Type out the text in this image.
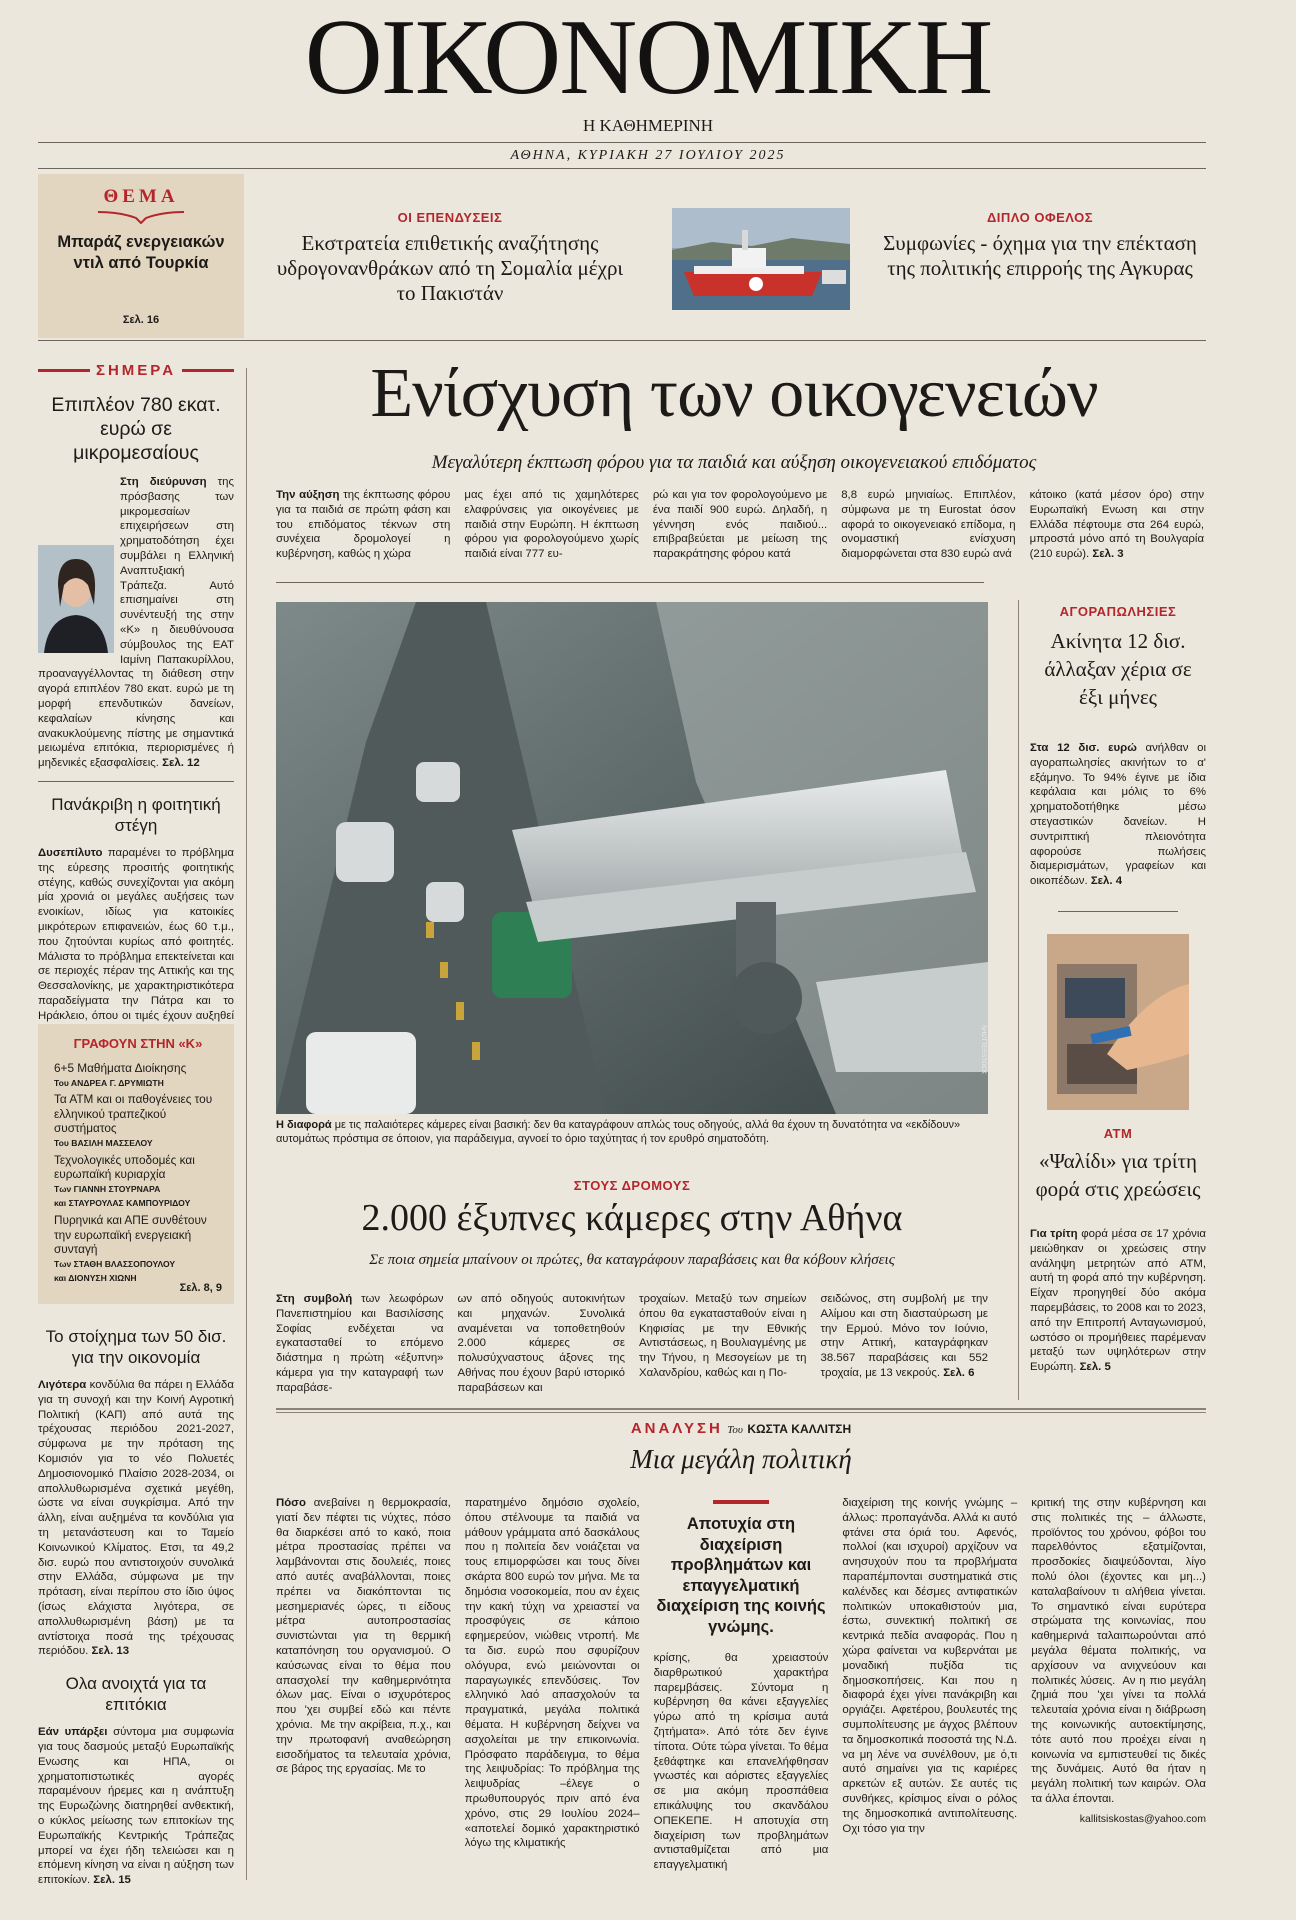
ΟΙΚΟΝΟΜΙΚΗ
Η ΚΑΘΗΜΕΡΙΝΗ
ΑΘΗΝΑ, ΚΥΡΙΑΚΗ 27 ΙΟΥΛΙΟΥ 2025
ΘΕΜΑ
Μπαράζ ενεργειακών ντιλ από Τουρκία
Σελ. 16
ΟΙ ΕΠΕΝΔΥΣΕΙΣ
Εκστρατεία επιθετικής αναζήτησης υδρογονανθράκων από τη Σομαλία μέχρι το Πακιστάν
ΔΙΠΛΟ ΟΦΕΛΟΣ
Συμφωνίες - όχημα για την επέκταση της πολιτικής επιρροής της Αγκυρας
ΣΗΜΕΡΑ
Επιπλέον 780 εκατ. ευρώ σε μικρομεσαίους

Στη διεύρυνση της πρόσβασης των μικρομεσαίων επιχειρήσεων στη χρηματοδότηση έχει συμβάλει η Ελληνική Αναπτυξιακή Τράπεζα. Αυτό επισημαίνει στη συνέντευξή της στην «Κ» η διευθύνουσα σύμβουλος της ΕΑΤ Ιαμίνη Παπακυρίλλου, προαναγγέλλοντας τη διάθεση στην αγορά επιπλέον 780 εκατ. ευρώ με τη μορφή επενδυτικών δανείων, κεφαλαίων κίνησης και ανακυκλούμενης πίστης με σημαντικά μειωμένα επιτόκια, περιορισμένες ή μηδενικές εξασφαλίσεις. Σελ. 12

Πανάκριβη η φοιτητική στέγη

Δυσεπίλυτο παραμένει το πρόβλημα της εύρεσης προσιτής φοιτητικής στέγης, καθώς συνεχίζονται για ακόμη μία χρονιά οι μεγάλες αυξήσεις των ενοικίων, ιδίως για κατοικίες μικρότερων επιφανειών, έως 60 τ.μ., που ζητούνται κυρίως από φοιτητές. Μάλιστα το πρόβλημα επεκτείνεται και σε περιοχές πέραν της Αττικής και της Θεσσαλονίκης, με χαρακτηριστικότερα παραδείγματα την Πάτρα και το Ηράκλειο, όπου οι τιμές έχουν αυξηθεί

ΓΡΑΦΟΥΝ ΣΤΗΝ «Κ»
6+5 Μαθήματα Διοίκησης
Του ΑΝΔΡΕΑ Γ. ΔΡΥΜΙΩΤΗ
Τα ΑΤΜ και οι παθογένειες του ελληνικού τραπεζικού συστήματος
Του ΒΑΣΙΛΗ ΜΑΣΣΕΛΟΥ
Τεχνολογικές υποδομές και ευρωπαϊκή κυριαρχία
Των ΓΙΑΝΝΗ ΣΤΟΥΡΝΑΡΑ
και ΣΤΑΥΡΟΥΛΑΣ ΚΑΜΠΟΥΡΙΔΟΥ
Πυρηνικά και ΑΠΕ συνθέτουν την ευρωπαϊκή ενεργειακή συνταγή
Των ΣΤΑΘΗ ΒΛΑΣΣΟΠΟΥΛΟΥ
και ΔΙΟΝΥΣΗ ΧΙΩΝΗ
Σελ. 8, 9
Το στοίχημα των 50 δισ. για την οικονομία

Λιγότερα κονδύλια θα πάρει η Ελλάδα για τη συνοχή και την Κοινή Αγροτική Πολιτική (ΚΑΠ) από αυτά της τρέχουσας περιόδου 2021-2027, σύμφωνα με την πρόταση της Κομισιόν για το νέο Πολυετές Δημοσιονομικό Πλαίσιο 2028-2034, οι απολλυθωρισμένα σχετικά μεγέθη, ώστε να είναι συγκρίσιμα. Από την άλλη, είναι αυξημένα τα κονδύλια για τη μετανάστευση και το Ταμείο Κοινωνικού Κλίματος. Ετσι, τα 49,2 δισ. ευρώ που αντιστοιχούν συνολικά στην Ελλάδα, σύμφωνα με την πρόταση, είναι περίπου στο ίδιο ύψος (ίσως ελάχιστα λιγότερα, σε απολλυθωρισμένη βάση) με τα αντίστοιχα ποσά της τρέχουσας περιόδου. Σελ. 13

Ολα ανοιχτά για τα επιτόκια

Εάν υπάρξει σύντομα μια συμφωνία για τους δασμούς μεταξύ Ευρωπαϊκής Ενωσης και ΗΠΑ, οι χρηματοπιστωτικές αγορές παραμένουν ήρεμες και η ανάπτυξη της Ευρωζώνης διατηρηθεί ανθεκτική, ο κύκλος μείωσης των επιτοκίων της Ευρωπαϊκής Κεντρικής Τράπεζας μπορεί να έχει ήδη τελειώσει και η επόμενη κίνηση να είναι η αύξηση των επιτοκίων. Σελ. 15

Ενίσχυση των οικογενειών
Μεγαλύτερη έκπτωση φόρου για τα παιδιά και αύξηση οικογενειακού επιδόματος

Την αύξηση της έκπτωσης φόρου για τα παιδιά σε πρώτη φάση και του επιδόματος τέκνων στη συνέχεια δρομολογεί η κυβέρνηση, καθώς η χώρα

μας έχει από τις χαμηλότερες ελαφρύνσεις για οικογένειες με παιδιά στην Ευρώπη. Η έκπτωση φόρου για φορολογούμενο χωρίς παιδιά είναι 777 ευ-

ρώ και για τον φορολογούμενο με ένα παιδί 900 ευρώ. Δηλαδή, η γέννηση ενός παιδιού... επιβραβεύεται με μείωση της παρακράτησης φόρου κατά

8,8 ευρώ μηνιαίως. Επιπλέον, σύμφωνα με τη Eurostat όσον αφορά το οικογενειακό επίδομα, η ονομαστική ενίσχυση διαμορφώνεται στα 830 ευρώ ανά

κάτοικο (κατά μέσον όρο) στην Ευρωπαϊκή Ενωση και στην Ελλάδα πέφτουμε στα 264 ευρώ, μπροστά μόνο από τη Βουλγαρία (210 ευρώ). Σελ. 3

SHUTTERSTOCK

Η διαφορά με τις παλαιότερες κάμερες είναι βασική: δεν θα καταγράφουν απλώς τους οδηγούς, αλλά θα έχουν τη δυνατότητα να «εκδίδουν» αυτομάτως πρόστιμα σε όποιον, για παράδειγμα, αγνοεί το όριο ταχύτητας ή τον ερυθρό σηματοδότη.

ΣΤΟΥΣ ΔΡΟΜΟΥΣ
2.000 έξυπνες κάμερες στην Αθήνα
Σε ποια σημεία μπαίνουν οι πρώτες, θα καταγράφουν παραβάσεις και θα κόβουν κλήσεις

Στη συμβολή των λεωφόρων Πανεπιστημίου και Βασιλίσσης Σοφίας ενδέχεται να εγκατασταθεί το επόμενο διάστημα η πρώτη «έξυπνη» κάμερα για την καταγραφή των παραβάσε-

ων από οδηγούς αυτοκινήτων και μηχανών. Συνολικά αναμένεται να τοποθετηθούν 2.000 κάμερες σε πολυσύχναστους άξονες της Αθήνας που έχουν βαρύ ιστορικό παραβάσεων και

τροχαίων. Μεταξύ των σημείων όπου θα εγκατασταθούν είναι η Κηφισίας με την Εθνικής Αντιστάσεως, η Βουλιαγμένης με την Τήνου, η Μεσογείων με τη Χαλανδρίου, καθώς και η Πο-

σειδώνος, στη συμβολή με την Αλίμου και στη διασταύρωση με την Ερμού. Μόνο τον Ιούνιο, στην Αττική, καταγράφηκαν 38.567 παραβάσεις και 552 τροχαία, με 13 νεκρούς. Σελ. 6

ΑΓΟΡΑΠΩΛΗΣΙΕΣ
Ακίνητα 12 δισ. άλλαξαν χέρια σε έξι μήνες

Στα 12 δισ. ευρώ ανήλθαν οι αγοραπωλησίες ακινήτων το α' εξάμηνο. Το 94% έγινε με ίδια κεφάλαια και μόλις το 6% χρηματοδοτήθηκε μέσω στεγαστικών δανείων. Η συντριπτική πλειονότητα αφορούσε πωλήσεις διαμερισμάτων, γραφείων και οικοπέδων. Σελ. 4

ΑΤΜ
«Ψαλίδι» για τρίτη φορά στις χρεώσεις

Για τρίτη φορά μέσα σε 17 χρόνια μειώθηκαν οι χρεώσεις στην ανάληψη μετρητών από ΑΤΜ, αυτή τη φορά από την κυβέρνηση. Είχαν προηγηθεί δύο ακόμα παρεμβάσεις, το 2008 και το 2023, από την Επιτροπή Ανταγωνισμού, ωστόσο οι προμήθειες παρέμεναν μεταξύ των υψηλότερων στην Ευρώπη. Σελ. 5

ΑΝΑΛΥΣΗ Του ΚΩΣΤΑ ΚΑΛΛΙΤΣΗ
Μια μεγάλη πολιτική

Πόσο ανεβαίνει η θερμοκρασία, γιατί δεν πέφτει τις νύχτες, πόσο θα διαρκέσει από το κακό, ποια μέτρα προστασίας πρέπει να λαμβάνονται στις δουλειές, ποιες από αυτές αναβάλλονται, ποιες πρέπει να διακόπτονται τις μεσημεριανές ώρες, τι είδους μέτρα αυτοπροστασίας συνιστώνται για τη θερμική καταπόνηση του οργανισμού. Ο καύσωνας είναι το θέμα που απασχολεί την καθημερινότητα όλων μας. Είναι ο ισχυρότερος που 'χει συμβεί εδώ και πέντε χρόνια.  Με την ακρίβεια, π.χ., και την πρωτοφανή αναθεώρηση εισοδήματος τα τελευταία χρόνια, σε βάρος της εργασίας. Με το

παρατημένο δημόσιο σχολείο, όπου στέλνουμε τα παιδιά να μάθουν γράμματα από δασκάλους που η πολιτεία δεν νοιάζεται να τους επιμορφώσει και τους δίνει σκάρτα 800 ευρώ τον μήνα. Με τα δημόσια νοσοκομεία, που αν έχεις την κακή τύχη να χρειαστεί να προσφύγεις σε κάποιο εφημερεύον, νιώθεις ντροπή. Με τα δισ. ευρώ που σφυρίζουν ολόγυρα, ενώ μειώνονται οι παραγωγικές επενδύσεις.  Τον ελληνικό λαό απασχολούν τα πραγματικά, μεγάλα πολιτικά θέματα. Η κυβέρνηση δείχνει να ασχολείται με την επικοινωνία. Πρόσφατο παράδειγμα, το θέμα της λειψυδρίας: Το πρόβλημα της λειψυδρίας –έλεγε ο πρωθυπουργός πριν από ένα χρόνο, στις 29 Ιουλίου 2024– «αποτελεί δομικό χαρακτηριστικό λόγω της κλιματικής

Αποτυχία στη διαχείριση προβλημάτων και επαγγελματική διαχείριση της κοινής γνώμης.

κρίσης, θα χρειαστούν διαρθρωτικού χαρακτήρα παρεμβάσεις. Σύντομα η κυβέρνηση θα κάνει εξαγγελίες γύρω από τη κρίσιμα αυτά ζητήματα». Από τότε δεν έγινε τίποτα. Ούτε τώρα γίνεται. Το θέμα ξεθάφτηκε και επανελήφθησαν γνωστές και αόριστες εξαγγελίες σε μια ακόμη προσπάθεια επικάλυψης του σκανδάλου ΟΠΕΚΕΠΕ.  Η αποτυχία στη διαχείριση των προβλημάτων αντισταθμίζεται από μια επαγγελματική

διαχείριση της κοινής γνώμης – άλλως: προπαγάνδα. Αλλά κι αυτό φτάνει στα όριά του.  Αφενός, πολλοί (και ισχυροί) αρχίζουν να ανησυχούν που τα προβλήματα παραπέμπονται συστηματικά στις καλένδες και δέσμες αντιφατικών πολιτικών υποκαθιστούν μια, έστω, συνεκτική πολιτική σε κεντρικά πεδία αναφοράς. Που η χώρα φαίνεται να κυβερνάται με μοναδική πυξίδα τις δημοσκοπήσεις. Και που η διαφορά έχει γίνει πανάκριβη και οργιάζει.  Αφετέρου, βουλευτές της συμπολίτευσης με άγχος βλέπουν τα δημοσκοπικά ποσοστά της Ν.Δ. να μη λένε να συνέλθουν, με ό,τι αυτό σημαίνει για τις καριέρες αρκετών εξ αυτών. Σε αυτές τις συνθήκες, κρίσιμος είναι ο ρόλος της δημοσκοπικά αντιπολίτευσης. Οχι τόσο για την

κριτική της στην κυβέρνηση και στις πολιτικές της – άλλωστε, προϊόντος του χρόνου, φόβοι του παρελθόντος εξατμίζονται, προσδοκίες διαψεύδονται, λίγο πολύ όλοι (έχοντες και μη...) καταλαβαίνουν τι αλήθεια γίνεται. Το σημαντικό είναι ευρύτερα στρώματα της κοινωνίας, που καθημερινά ταλαιπωρούνται από μεγάλα θέματα πολιτικής, να αρχίσουν να ανιχνεύουν και πολιτικές λύσεις.  Αν η πιο μεγάλη ζημιά που 'χει γίνει τα πολλά τελευταία χρόνια είναι η διάβρωση της κοινωνικής αυτοεκτίμησης, τότε αυτό που προέχει είναι η κοινωνία να εμπιστευθεί τις δικές της δυνάμεις. Αυτό θα ήταν η μεγάλη πολιτική των καιρών. Ολα τα άλλα έπονται.

kallitsiskostas@yahoo.com
